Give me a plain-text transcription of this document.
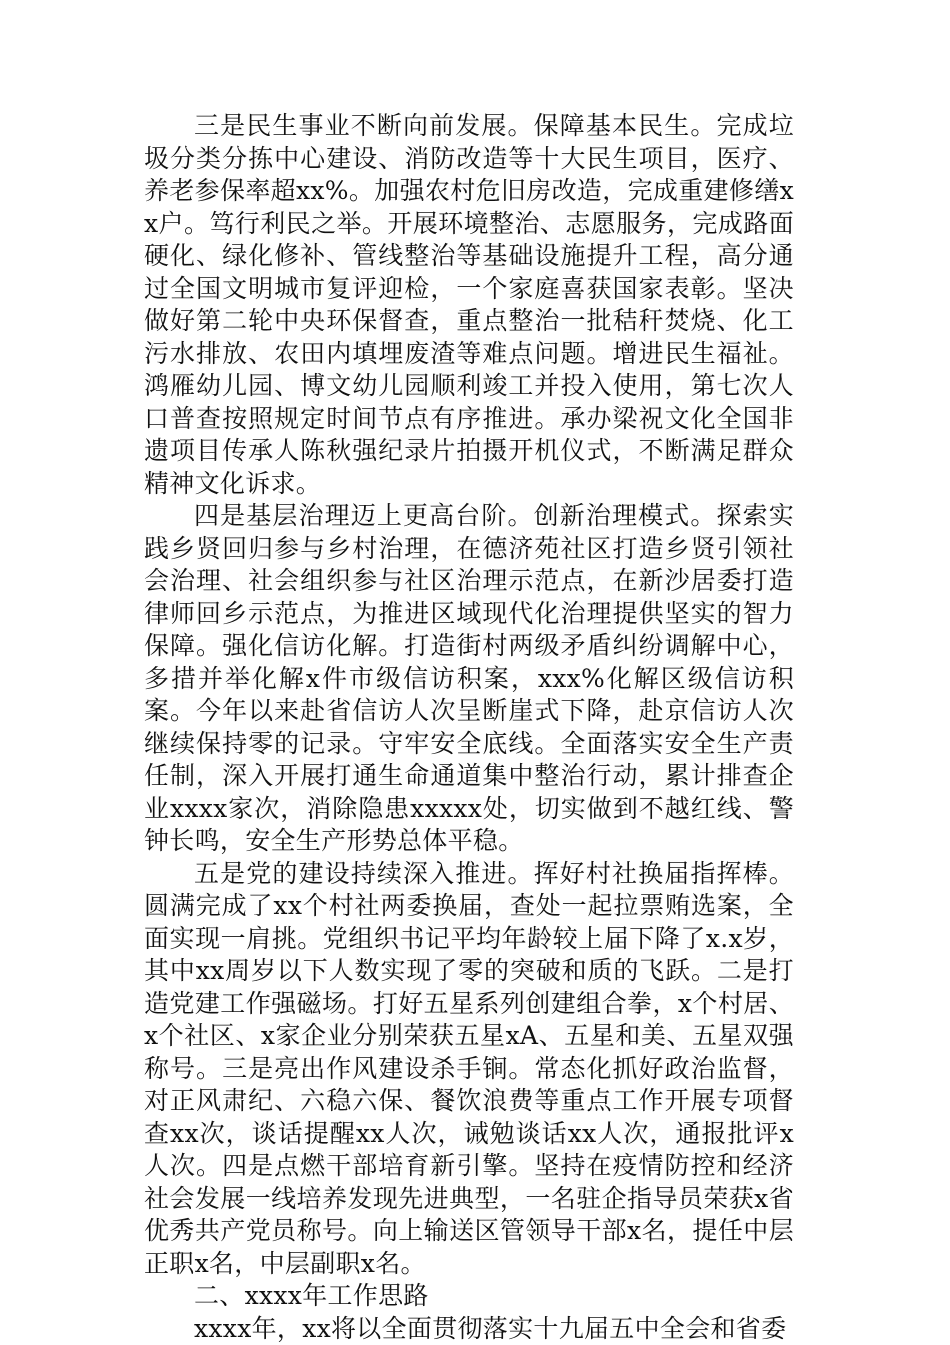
三是民生事业不断向前发展。保障基本民生。完成垃圾分类分拣中心建设、消防改造等十大民生项目，医疗、养老参保率超xx%。加强农村危旧房改造，完成重建修缮xx户。笃行利民之举。开展环境整治、志愿服务，完成路面硬化、绿化修补、管线整治等基础设施提升工程，高分通过全国文明城市复评迎检，一个家庭喜获国家表彰。坚决做好第二轮中央环保督查，重点整治一批秸秆焚烧、化工污水排放、农田内填埋废渣等难点问题。增进民生福祉。鸿雁幼儿园、博文幼儿园顺利竣工并投入使用，第七次人口普查按照规定时间节点有序推进。承办梁祝文化全国非遗项目传承人陈秋强纪录片拍摄开机仪式，不断满足群众精神文化诉求。

四是基层治理迈上更高台阶。创新治理模式。探索实践乡贤回归参与乡村治理，在德济苑社区打造乡贤引领社会治理、社会组织参与社区治理示范点，在新沙居委打造律师回乡示范点，为推进区域现代化治理提供坚实的智力保障。强化信访化解。打造街村两级矛盾纠纷调解中心，多措并举化解x件市级信访积案，xxx%化解区级信访积案。今年以来赴省信访人次呈断崖式下降，赴京信访人次继续保持零的记录。守牢安全底线。全面落实安全生产责任制，深入开展打通生命通道集中整治行动，累计排查企业xxxx家次，消除隐患xxxxx处，切实做到不越红线、警钟长鸣，安全生产形势总体平稳。

五是党的建设持续深入推进。挥好村社换届指挥棒。圆满完成了xx个村社两委换届，查处一起拉票贿选案，全面实现一肩挑。党组织书记平均年龄较上届下降了x.x岁，其中xx周岁以下人数实现了零的突破和质的飞跃。二是打造党建工作强磁场。打好五星系列创建组合拳，x个村居、x个社区、x家企业分别荣获五星xA、五星和美、五星双强称号。三是亮出作风建设杀手锏。常态化抓好政治监督，对正风肃纪、六稳六保、餐饮浪费等重点工作开展专项督查xx次，谈话提醒xx人次，诫勉谈话xx人次，通报批评x人次。四是点燃干部培育新引擎。坚持在疫情防控和经济社会发展一线培养发现先进典型，一名驻企指导员荣获x省优秀共产党员称号。向上输送区管领导干部x名，提任中层正职x名，中层副职x名。

二、xxxx年工作思路

xxxx年，xx将以全面贯彻落实十九届五中全会和省委
